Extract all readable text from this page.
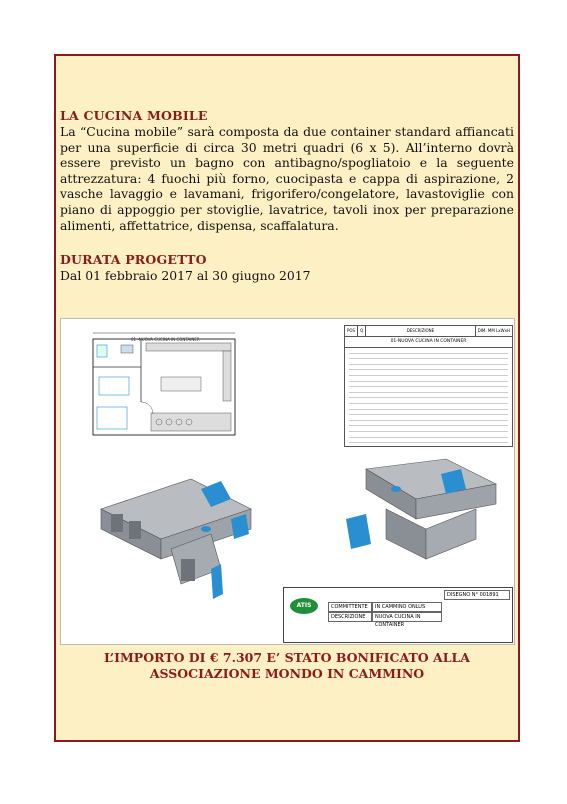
LA CUCINA MOBILE
La “Cucina mobile” sarà composta da due container standard affiancati per una superficie di circa 30 metri quadri (6 x 5). All’interno dovrà essere previsto un bagno con antibagno/spogliatoio e la seguente attrezzatura: 4 fuochi più forno, cuocipasta e cappa di aspirazione, 2 vasche lavaggio e lavamani, frigorifero/congelatore, lavastoviglie con piano di appoggio per stoviglie, lavatrice, tavoli inox per preparazione alimenti, affettatrice, dispensa, scaffalatura.
DURATA PROGETTO
Dal 01 febbraio 2017 al 30 giugno 2017
01 -NUOVA CUCINA IN CONTAINER
POS	Q	DESCRIZIONE	DIM. MM LxWxH
01-NUOVA CUCINA IN CONTAINER
ATIS	COMMITTENTE	IN CAMMINO ONLUS
DESCRIZIONE	NUOVA CUCINA IN CONTAINER
DISEGNO N° 001891
L’IMPORTO DI € 7.307 E’ STATO BONIFICATO ALLA
ASSOCIAZIONE MONDO IN CAMMINO
